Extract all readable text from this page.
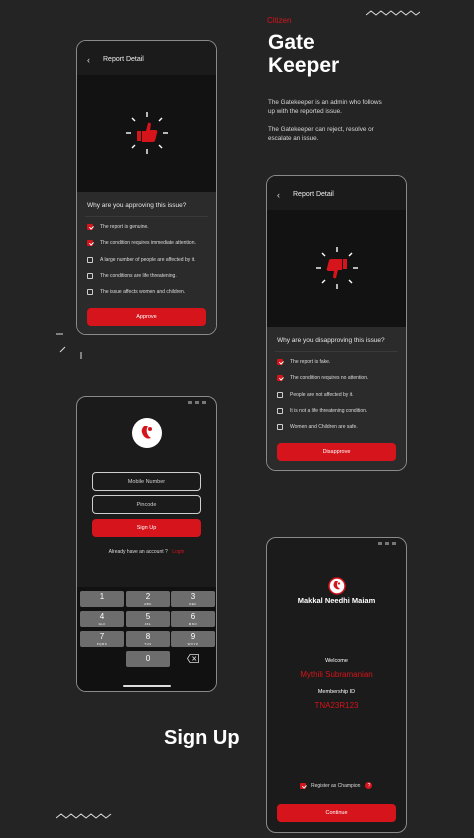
Citizen
Gate
Keeper
The Gatekeeper is an admin who follows
up with the reported issue.
The Gatekeeper can reject, resolve or
escalate an issue.
‹ Report Detail
Why are you approving this issue?
The report is genuine.
The condition requires immediate attention.
A large number of people are affected by it.
The conditions are life threatening.
The issue affects women and children.
Approve
‹ Report Detail
Why are you disapproving this issue?
The report is fake.
The condition requires no attention.
People are not affected by it.
It is not a life threatening condition.
Women and Children are safe.
Disapprove
Mobile Number
Pincode
Sign Up
Already have an account ? Login
1	2
ABC
3
DEF
4
GHI
5
JKL
6
MNO
7
PQRS
8
TUV
9
WXYZ
0
Sign Up
Makkal Needhi Maiam
Welcome
Mythili Subramanian
Membership ID
TNA23R123
Register as Champion	?
Continue
